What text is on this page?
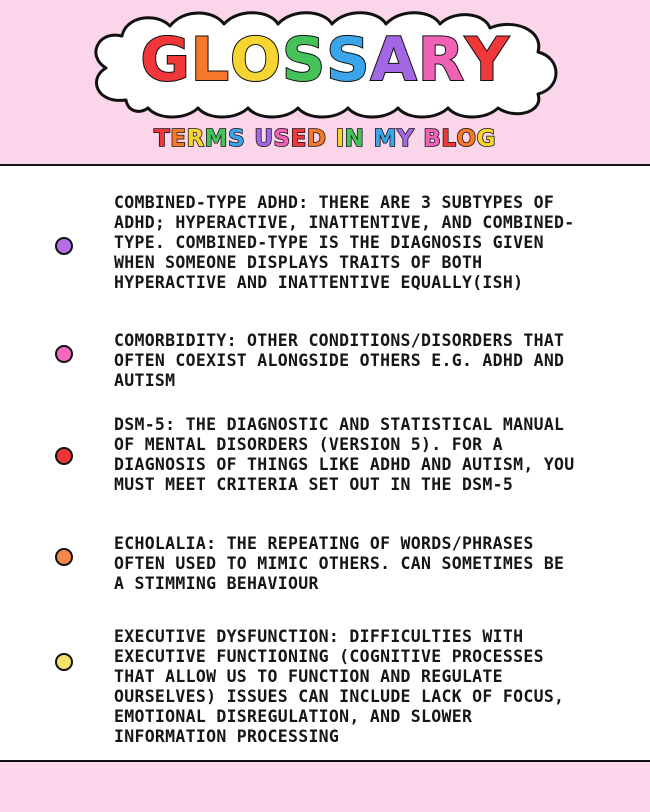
GLOSSARY
TERMS USED IN MY BLOG
COMBINED-TYPE ADHD: THERE ARE 3 SUBTYPES OF ADHD; HYPERACTIVE, INATTENTIVE, AND COMBINED-TYPE. COMBINED-TYPE IS THE DIAGNOSIS GIVEN WHEN SOMEONE DISPLAYS TRAITS OF BOTH HYPERACTIVE AND INATTENTIVE EQUALLY(ISH)
COMORBIDITY: OTHER CONDITIONS/DISORDERS THAT OFTEN COEXIST ALONGSIDE OTHERS E.G. ADHD AND AUTISM
DSM-5: THE DIAGNOSTIC AND STATISTICAL MANUAL OF MENTAL DISORDERS (VERSION 5). FOR A DIAGNOSIS OF THINGS LIKE ADHD AND AUTISM, YOU MUST MEET CRITERIA SET OUT IN THE DSM-5
ECHOLALIA: THE REPEATING OF WORDS/PHRASES OFTEN USED TO MIMIC OTHERS. CAN SOMETIMES BE A STIMMING BEHAVIOUR
EXECUTIVE DYSFUNCTION: DIFFICULTIES WITH EXECUTIVE FUNCTIONING (COGNITIVE PROCESSES THAT ALLOW US TO FUNCTION AND REGULATE OURSELVES) ISSUES CAN INCLUDE LACK OF FOCUS, EMOTIONAL DISREGULATION, AND SLOWER INFORMATION PROCESSING
